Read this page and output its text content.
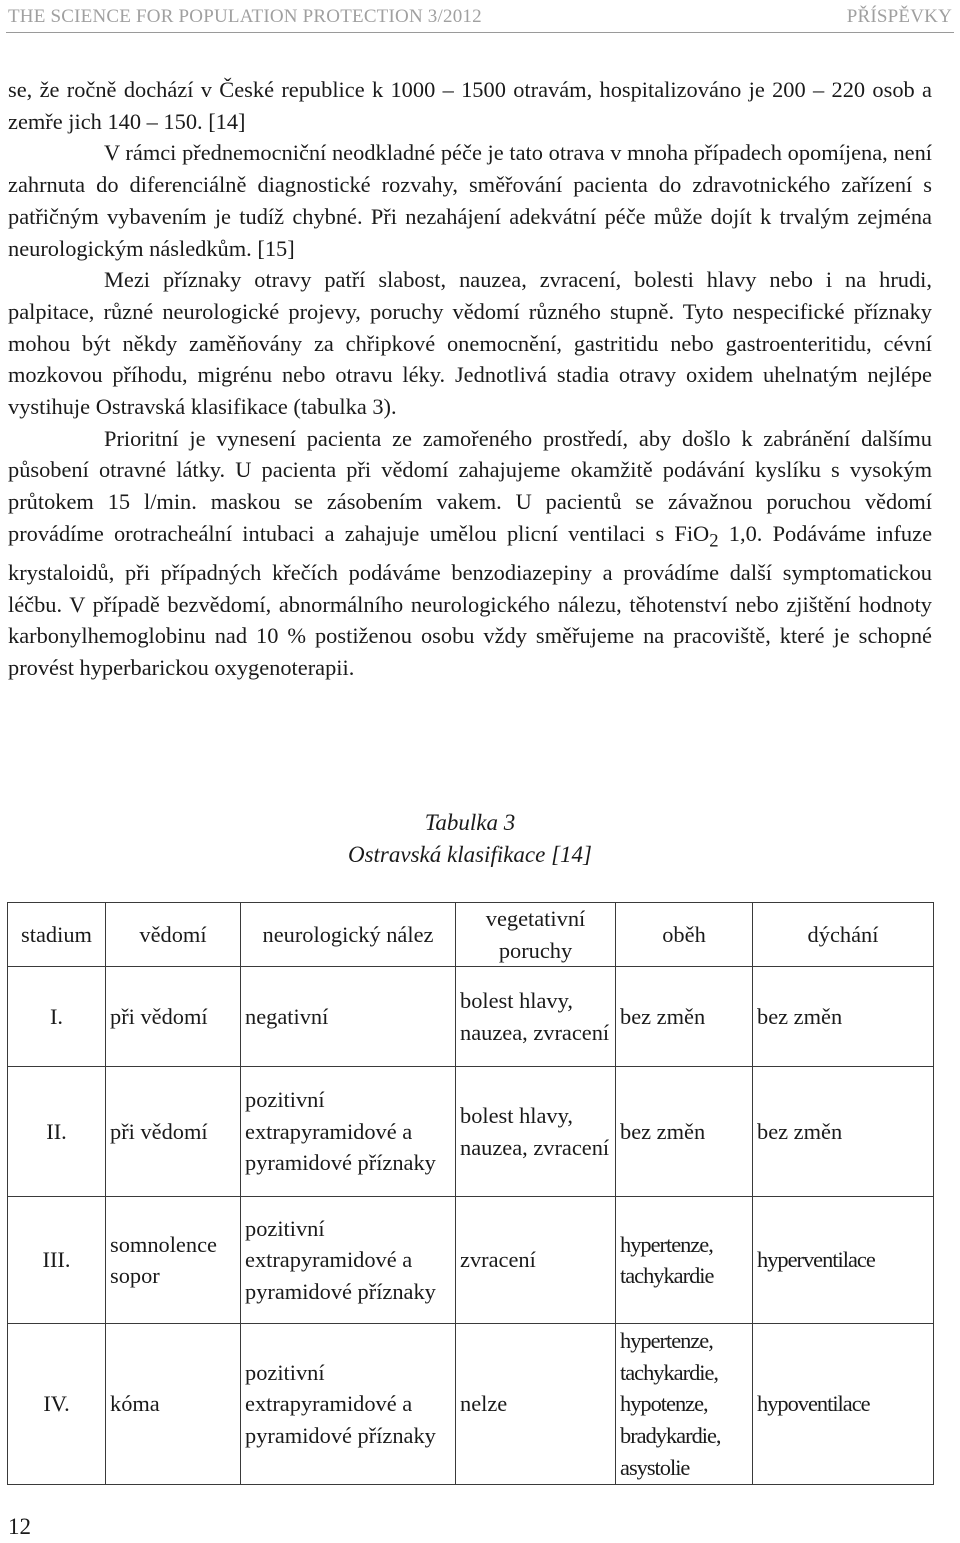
THE SCIENCE FOR POPULATION PROTECTION 3/2012	PŘÍSPĚVKY

se, že ročně dochází v České republice k 1000 – 1500 otravám, hospitalizováno je 200 – 220 osob a zemře jich 140 – 150. [14]

V rámci přednemocniční neodkladné péče je tato otrava v mnoha případech opomíjena, není zahrnuta do diferenciálně diagnostické rozvahy, směřování pacienta do zdravotnického zařízení s patřičným vybavením je tudíž chybné. Při nezahájení adekvátní péče může dojít k trvalým zejména neurologickým následkům. [15]

Mezi příznaky otravy patří slabost, nauzea, zvracení, bolesti hlavy nebo i na hrudi, palpitace, různé neurologické projevy, poruchy vědomí různého stupně. Tyto nespecifické příznaky mohou být někdy zaměňovány za chřipkové onemocnění, gastritidu nebo gastroenteritidu, cévní mozkovou příhodu, migrénu nebo otravu léky. Jednotlivá stadia otravy oxidem uhelnatým nejlépe vystihuje Ostravská klasifikace (tabulka 3).

Prioritní je vynesení pacienta ze zamořeného prostředí, aby došlo k zabránění dalšímu působení otravné látky. U pacienta při vědomí zahajujeme okamžitě podávání kyslíku s vysokým průtokem 15 l/min. maskou se zásobením vakem. U pacientů se závažnou poruchou vědomí provádíme orotracheální intubaci a zahajuje umělou plicní ventilaci s FiO$_2$ 1,0. Podáváme infuze krystaloidů, při případných křečích podáváme benzodiazepiny a provádíme další symptomatickou léčbu. V případě bezvědomí, abnormálního neurologického nálezu, těhotenství nebo zjištění hodnoty karbonylhemoglobinu nad 10 % postiženou osobu vždy směřujeme na pracoviště, které je schopné provést hyperbarickou oxygenoterapii.

Tabulka 3
Ostravská klasifikace [14]
stadium	vědomí	neurologický nález	vegetativní poruchy	oběh	dýchání
I.	při vědomí	negativní	bolest hlavy, nauzea, zvracení	bez změn	bez změn
II.	při vědomí	pozitivní extrapyramidové a pyramidové příznaky	bolest hlavy, nauzea, zvracení	bez změn	bez změn
III.	somnolence sopor	pozitivní extrapyramidové a pyramidové příznaky	zvracení	hypertenze, tachykardie	hyperventilace
IV.	kóma	pozitivní extrapyramidové a pyramidové příznaky	nelze	hypertenze, tachykardie, hypotenze, bradykardie, asystolie	hypoventilace
12
